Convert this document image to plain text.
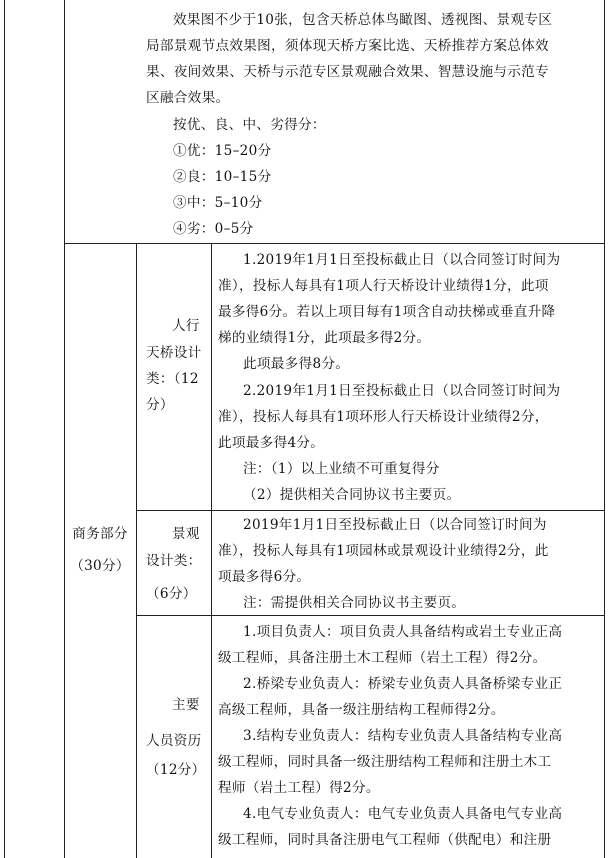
效果图不少于10张，包含天桥总体鸟瞰图、透视图、景观专区
局部景观节点效果图，须体现天桥方案比选、天桥推荐方案总体效
果、夜间效果、天桥与示范专区景观融合效果、智慧设施与示范专
区融合效果。
按优、良、中、劣得分：
①优：15–20分
②良：10–15分
③中：5–10分
④劣：0–5分
商务部分
（30分）
人行
天桥设计
类：（12
分）
1.2019年1月1日至投标截止日（以合同签订时间为
准），投标人每具有1项人行天桥设计业绩得1分，此项
最多得6分。若以上项目每有1项含自动扶梯或垂直升降
梯的业绩得1分，此项最多得2分。
此项最多得8分。
2.2019年1月1日至投标截止日（以合同签订时间为
准），投标人每具有1项环形人行天桥设计业绩得2分，
此项最多得4分。
注：（1）以上业绩不可重复得分
（2）提供相关合同协议书主要页。
景观
设计类：
（6分）
2019年1月1日至投标截止日（以合同签订时间为
准），投标人每具有1项园林或景观设计业绩得2分，此
项最多得6分。
注：需提供相关合同协议书主要页。
主要
人员资历
（12分）
1.项目负责人：项目负责人具备结构或岩土专业正高
级工程师，具备注册土木工程师（岩土工程）得2分。
2.桥梁专业负责人：桥梁专业负责人具备桥梁专业正
高级工程师，具备一级注册结构工程师得2分。
3.结构专业负责人：结构专业负责人具备结构专业高
级工程师，同时具备一级注册结构工程师和注册土木工
程师（岩土工程）得2分。
4.电气专业负责人：电气专业负责人具备电气专业高
级工程师，同时具备注册电气工程师（供配电）和注册
